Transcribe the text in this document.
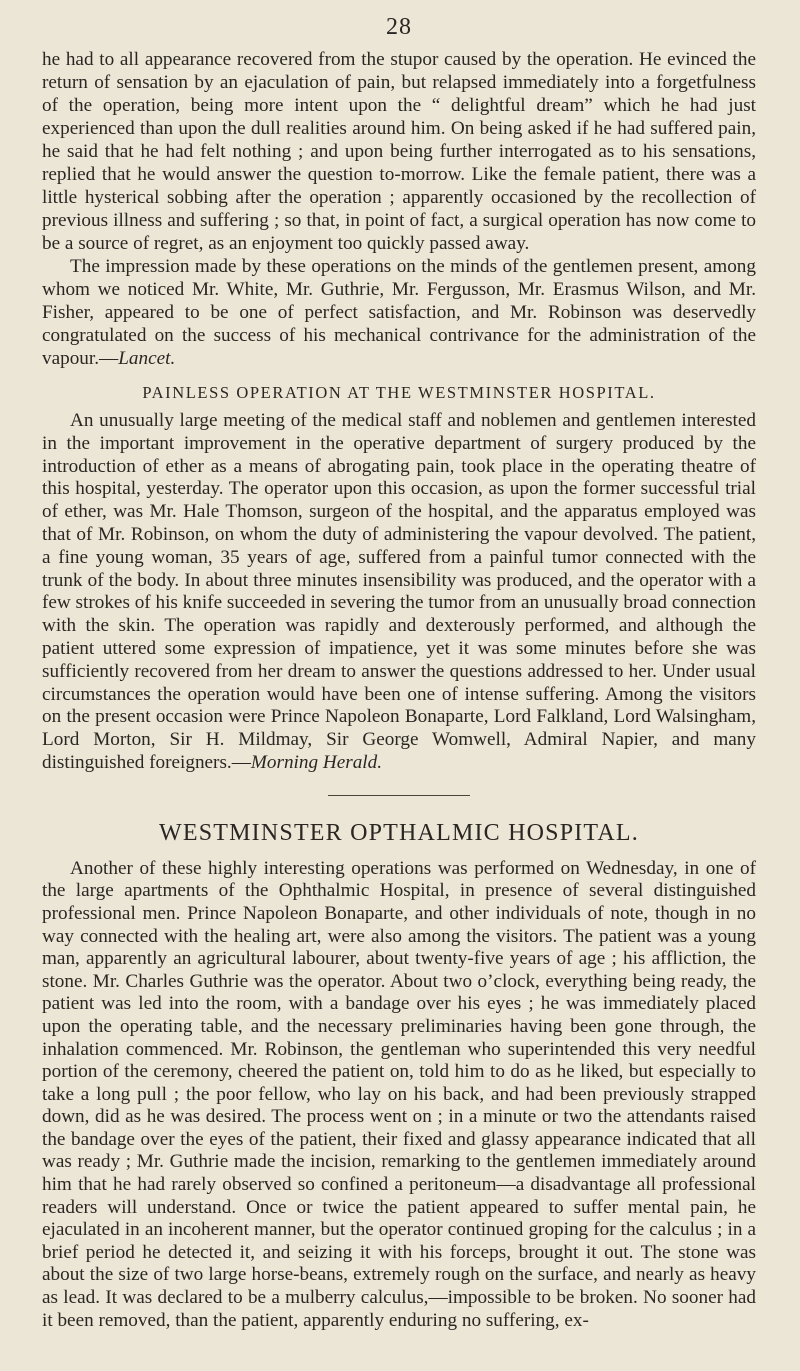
28

he had to all appearance recovered from the stupor caused by the operation. He evinced the return of sensation by an ejaculation of pain, but relapsed immediately into a forgetfulness of the operation, being more intent upon the “ delightful dream” which he had just experienced than upon the dull realities around him. On being asked if he had suffered pain, he said that he had felt nothing ; and upon being further interrogated as to his sensations, replied that he would answer the question to-morrow. Like the female patient, there was a little hysterical sobbing after the operation ; apparently occasioned by the recollection of previous illness and suffering ; so that, in point of fact, a surgical operation has now come to be a source of regret, as an enjoyment too quickly passed away.

The impression made by these operations on the minds of the gentlemen present, among whom we noticed Mr. White, Mr. Guthrie, Mr. Fergusson, Mr. Erasmus Wilson, and Mr. Fisher, appeared to be one of perfect satisfaction, and Mr. Robinson was deservedly congratulated on the success of his mechanical contrivance for the administration of the vapour.—Lancet.

PAINLESS OPERATION AT THE WESTMINSTER HOSPITAL.

An unusually large meeting of the medical staff and noblemen and gentlemen interested in the important improvement in the operative department of surgery produced by the introduction of ether as a means of abrogating pain, took place in the operating theatre of this hospital, yesterday. The operator upon this occasion, as upon the former successful trial of ether, was Mr. Hale Thomson, surgeon of the hospital, and the apparatus employed was that of Mr. Robinson, on whom the duty of administering the vapour devolved. The patient, a fine young woman, 35 years of age, suffered from a painful tumor connected with the trunk of the body. In about three minutes insensibility was produced, and the operator with a few strokes of his knife succeeded in severing the tumor from an unusually broad connection with the skin. The operation was rapidly and dexterously performed, and although the patient uttered some expression of impatience, yet it was some minutes before she was sufficiently recovered from her dream to answer the questions addressed to her. Under usual circumstances the operation would have been one of intense suffering. Among the visitors on the present occasion were Prince Napoleon Bonaparte, Lord Falkland, Lord Walsingham, Lord Morton, Sir H. Mildmay, Sir George Womwell, Admiral Napier, and many distinguished foreigners.—Morning Herald.

WESTMINSTER OPTHALMIC HOSPITAL.

Another of these highly interesting operations was performed on Wednesday, in one of the large apartments of the Ophthalmic Hospital, in presence of several distinguished professional men. Prince Napoleon Bonaparte, and other individuals of note, though in no way connected with the healing art, were also among the visitors. The patient was a young man, apparently an agricultural labourer, about twenty-five years of age ; his affliction, the stone. Mr. Charles Guthrie was the operator. About two o’clock, everything being ready, the patient was led into the room, with a bandage over his eyes ; he was immediately placed upon the operating table, and the necessary preliminaries having been gone through, the inhalation commenced. Mr. Robinson, the gentleman who superintended this very needful portion of the ceremony, cheered the patient on, told him to do as he liked, but especially to take a long pull ; the poor fellow, who lay on his back, and had been previously strapped down, did as he was desired. The process went on ; in a minute or two the attendants raised the bandage over the eyes of the patient, their fixed and glassy appearance indicated that all was ready ; Mr. Guthrie made the incision, remarking to the gentlemen immediately around him that he had rarely observed so confined a peritoneum—a disadvantage all professional readers will understand. Once or twice the patient appeared to suffer mental pain, he ejaculated in an incoherent manner, but the operator continued groping for the calculus ; in a brief period he detected it, and seizing it with his forceps, brought it out. The stone was about the size of two large horse-beans, extremely rough on the surface, and nearly as heavy as lead. It was declared to be a mulberry calculus,—impossible to be broken. No sooner had it been removed, than the patient, apparently enduring no suffering, ex-
